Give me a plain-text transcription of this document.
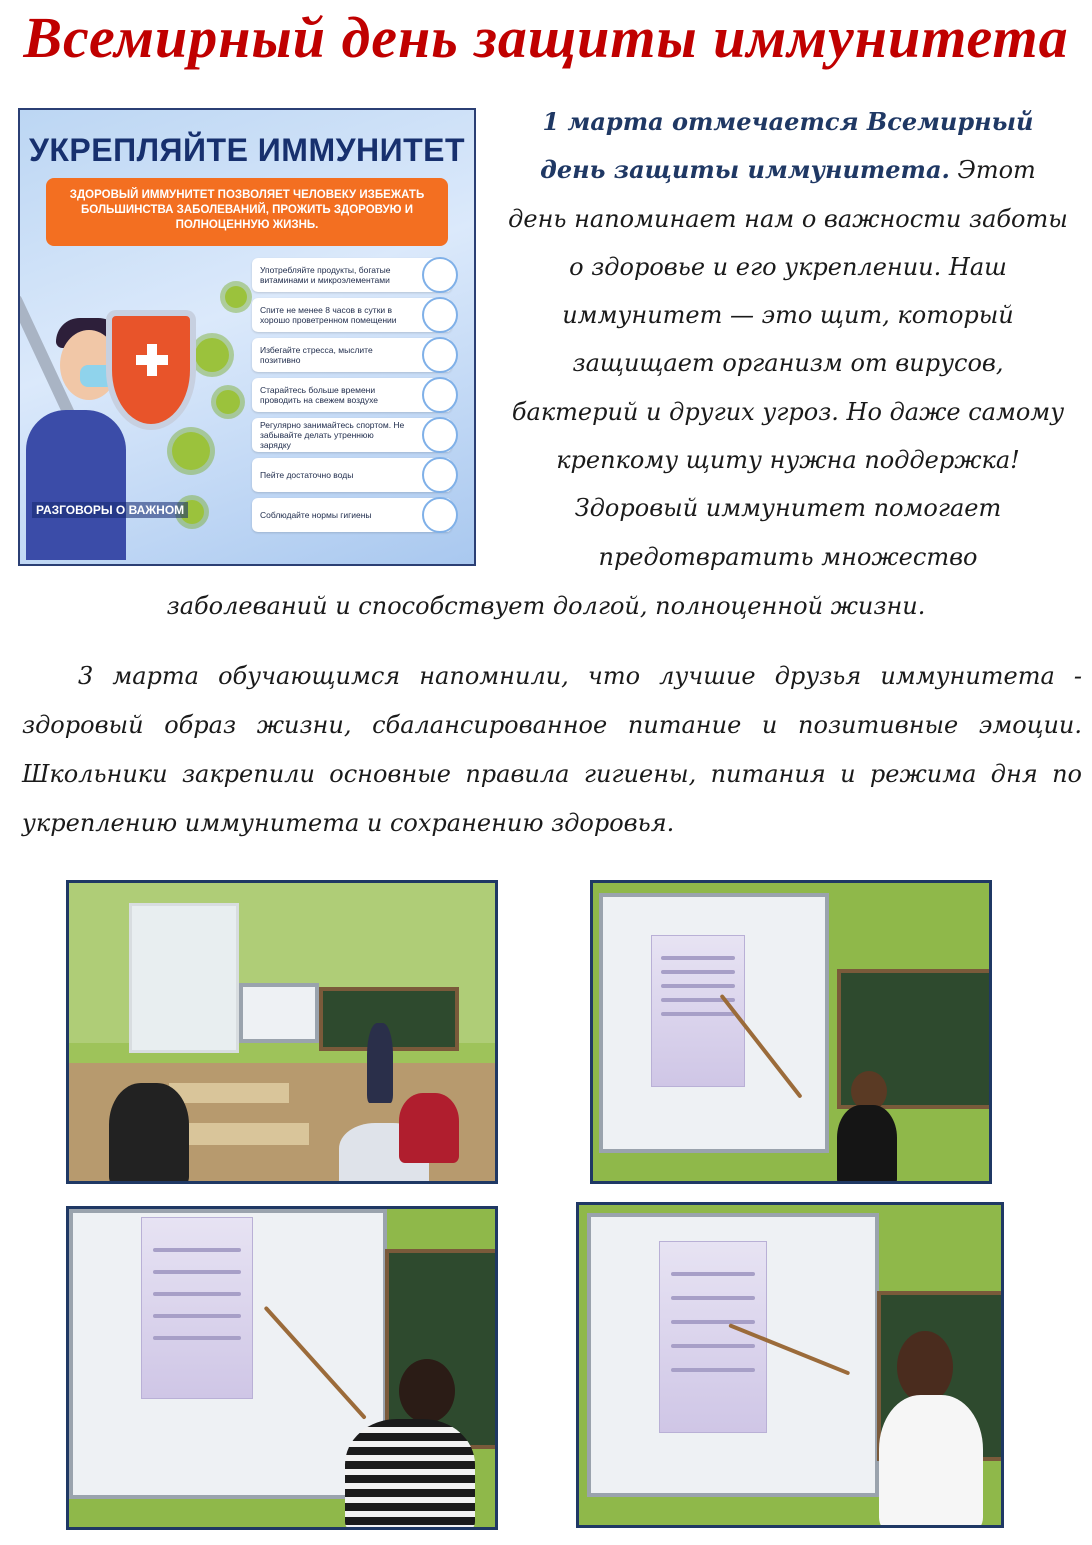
Всемирный день защиты иммунитета
УКРЕПЛЯЙТЕ ИММУНИТЕТ
ЗДОРОВЫЙ ИММУНИТЕТ ПОЗВОЛЯЕТ ЧЕЛОВЕКУ ИЗБЕЖАТЬ БОЛЬШИНСТВА ЗАБОЛЕВАНИЙ, ПРОЖИТЬ ЗДОРОВУЮ И ПОЛНОЦЕННУЮ ЖИЗНЬ.
Употребляйте продукты, богатые витаминами и микроэлементами
Спите не менее 8 часов в сутки в хорошо проветренном помещении
Избегайте стресса, мыслите позитивно
Старайтесь больше времени проводить на свежем воздухе
Регулярно занимайтесь спортом. Не забывайте делать утреннюю зарядку
Пейте достаточно воды
Соблюдайте нормы гигиены
РАЗГОВОРЫ О ВАЖНОМ

1 марта отмечается Всемирный день защиты иммунитета. Этот день напоминает нам о важности заботы о здоровье и его укреплении. Наш иммунитет — это щит, который защищает организм от вирусов, бактерий и других угроз. Но даже самому крепкому щиту нужна поддержка! Здоровый иммунитет помогает предотвратить множество

заболеваний и способствует долгой, полноценной жизни.

3 марта обучающимся напомнили, что лучшие друзья иммунитета - здоровый образ жизни, сбалансированное питание и позитивные эмоции. Школьники закрепили основные правила гигиены, питания и режима дня по укреплению иммунитета и сохранению здоровья.
